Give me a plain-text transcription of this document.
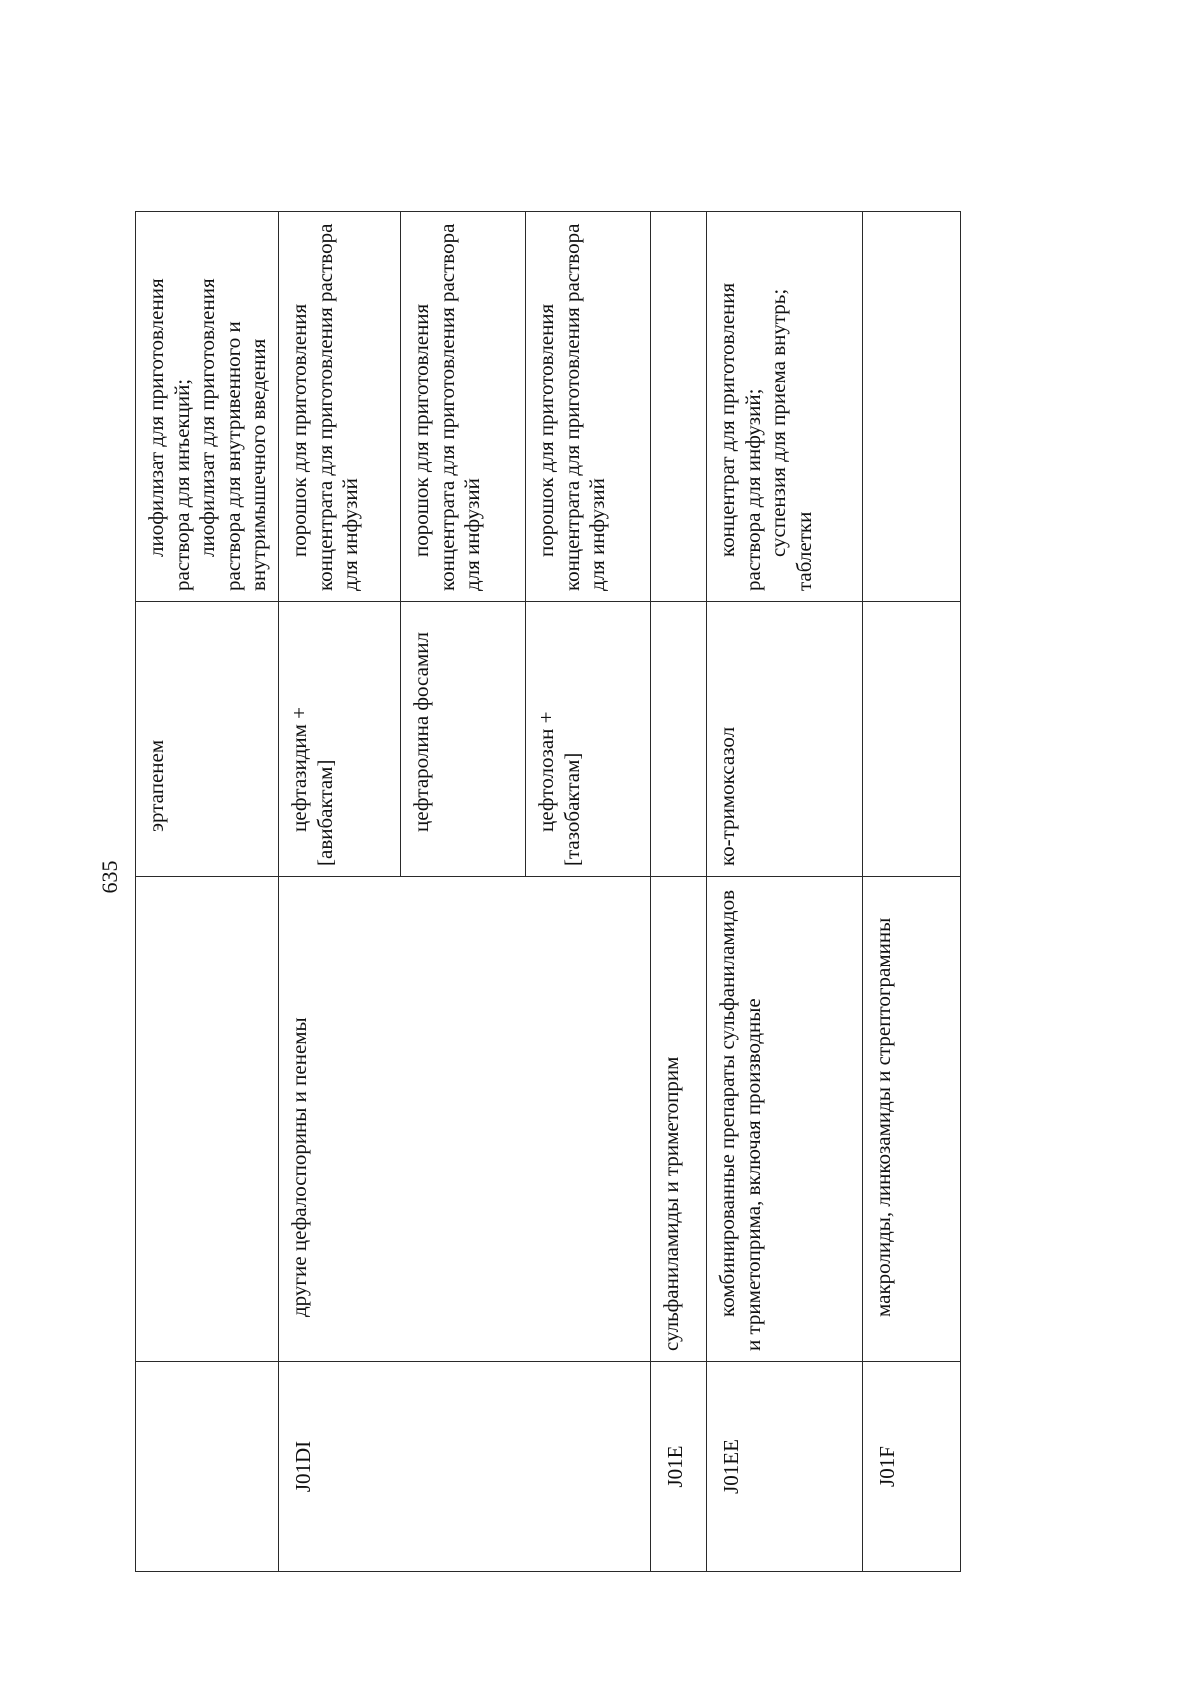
635

		эртапенем	лиофилизат для приготовления раствора для инъекций; лиофилизат для приготовления раствора для внутривенного и внутримышечного введения

J01DI	другие цефалоспорины и пенемы	цефтазидим + [авибактам]	порошок для приготовления концентрата для приготовления раствора для инфузий

		цефтаролина фосамил	порошок для приготовления концентрата для приготовления раствора для инфузий

		цефтолозан + [тазобактам]	порошок для приготовления концентрата для приготовления раствора для инфузий

J01E	сульфаниламиды и триметоприм		

J01EE	комбинированные препараты сульфаниламидов и триметоприма, включая производные	ко-тримоксазол	концентрат для приготовления раствора для инфузий; суспензия для приема внутрь; таблетки

J01F	макролиды, линкозамиды и стрептограмины		
